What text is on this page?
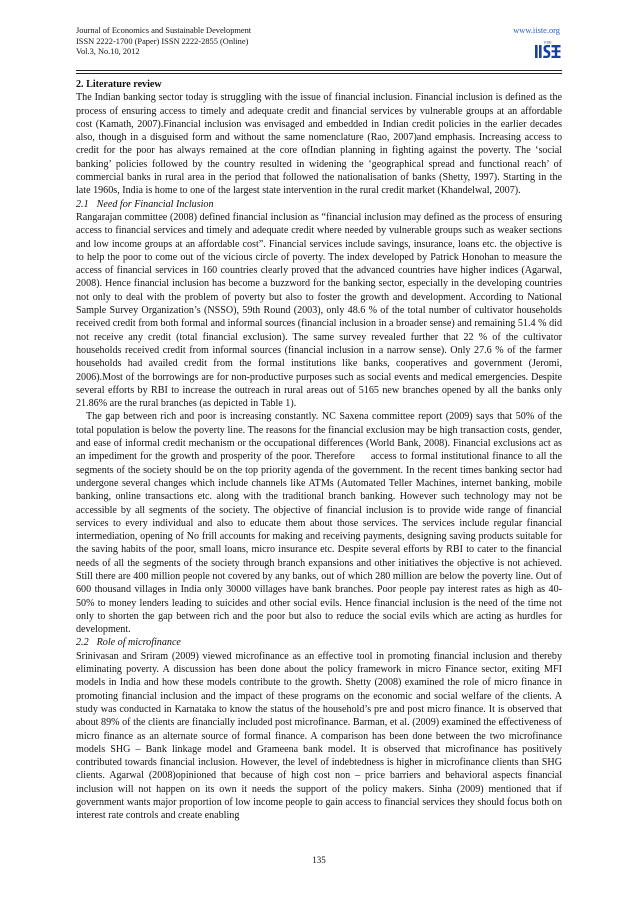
Journal of Economics and Sustainable Development
ISSN 2222-1700 (Paper) ISSN 2222-2855 (Online)
Vol.3, No.10, 2012
www.iiste.org
IISE
2. Literature review

The Indian banking sector today is struggling with the issue of financial inclusion. Financial inclusion is defined as the process of ensuring access to timely and adequate credit and financial services by vulnerable groups at an affordable cost (Kamath, 2007).Financial inclusion was envisaged and embedded in Indian credit policies in the earlier decades also, though in a disguised form and without the same nomenclature (Rao, 2007)and emphasis. Increasing access to credit for the poor has always remained at the core ofIndian planning in fighting against the poverty. The ‘social banking’ policies followed by the country resulted in widening the ‘geographical spread and functional reach’ of commercial banks in rural area in the period that followed the nationalisation of banks (Shetty, 1997). Starting in the late 1960s, India is home to one of the largest state intervention in the rural credit market (Khandelwal, 2007).

2.1 Need for Financial Inclusion

Rangarajan committee (2008) defined financial inclusion as “financial inclusion may defined as the process of ensuring access to financial services and timely and adequate credit where needed by vulnerable groups such as weaker sections and low income groups at an affordable cost”. Financial services include savings, insurance, loans etc. the objective is to help the poor to come out of the vicious circle of poverty. The index developed by Patrick Honohan to measure the access of financial services in 160 countries clearly proved that the advanced countries have higher indices (Agarwal, 2008). Hence financial inclusion has become a buzzword for the banking sector, especially in the developing countries not only to deal with the problem of poverty but also to foster the growth and development. According to National Sample Survey Organization’s (NSSO), 59th Round (2003), only 48.6 % of the total number of cultivator households received credit from both formal and informal sources (financial inclusion in a broader sense) and remaining 51.4 % did not receive any credit (total financial exclusion). The same survey revealed further that 22 % of the cultivator households received credit from informal sources (financial inclusion in a narrow sense). Only 27.6 % of the farmer households had availed credit from the formal institutions like banks, cooperatives and government (Jeromi, 2006).Most of the borrowings are for non-productive purposes such as social events and medical emergencies. Despite several efforts by RBI to increase the outreach in rural areas out of 5165 new branches opened by all the banks only 21.86% are the rural branches (as depicted in Table 1).

The gap between rich and poor is increasing constantly. NC Saxena committee report (2009) says that 50% of the total population is below the poverty line. The reasons for the financial exclusion may be high transaction costs, gender, and ease of informal credit mechanism or the occupational differences (World Bank, 2008). Financial exclusions act as an impediment for the growth and prosperity of the poor. Therefore     access to formal institutional finance to all the segments of the society should be on the top priority agenda of the government. In the recent times banking sector had undergone several changes which include channels like ATMs (Automated Teller Machines, internet banking, mobile banking, online transactions etc. along with the traditional branch banking. However such technology may not be accessible by all segments of the society. The objective of financial inclusion is to provide wide range of financial services to every individual and also to educate them about those services. The services include regular financial intermediation, opening of No frill accounts for making and receiving payments, designing saving products suitable for the saving habits of the poor, small loans, micro insurance etc. Despite several efforts by RBI to cater to the financial needs of all the segments of the society through branch expansions and other initiatives the objective is not achieved. Still there are 400 million people not covered by any banks, out of which 280 million are below the poverty line. Out of 600 thousand villages in India only 30000 villages have bank branches. Poor people pay interest rates as high as 40-50% to money lenders leading to suicides and other social evils. Hence financial inclusion is the need of the time not only to shorten the gap between rich and the poor but also to reduce the social evils which are acting as hurdles for development.

2.2 Role of microfinance

Srinivasan and Sriram (2009) viewed microfinance as an effective tool in promoting financial inclusion and thereby eliminating poverty. A discussion has been done about the policy framework in micro Finance sector, exiting MFI models in India and how these models contribute to the growth. Shetty (2008) examined the role of micro finance in promoting financial inclusion and the impact of these programs on the economic and social welfare of the clients. A study was conducted in Karnataka to know the status of the household’s pre and post micro finance. It is observed that about 89% of the clients are financially included post microfinance. Barman, et al. (2009) examined the effectiveness of micro finance as an alternate source of formal finance. A comparison has been done between the two microfinance models SHG – Bank linkage model and Grameena bank model. It is observed that microfinance has positively contributed towards financial inclusion. However, the level of indebtedness is higher in microfinance clients than SHG clients. Agarwal (2008)opinioned that because of high cost non – price barriers and behavioral aspects financial inclusion will not happen on its own it needs the support of the policy makers. Sinha (2009) mentioned that if government wants major proportion of low income people to gain access to financial services they should focus both on interest rate controls and create enabling

135
